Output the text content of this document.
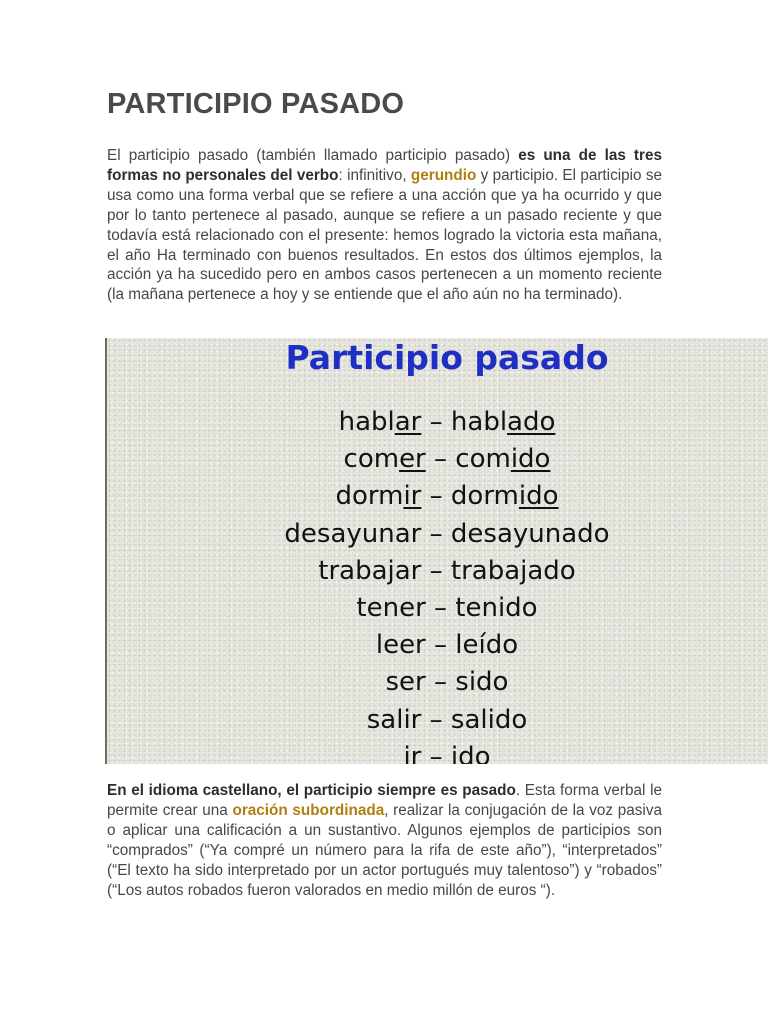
PARTICIPIO PASADO

El participio pasado (también llamado participio pasado) es una de las tres formas no personales del verbo: infinitivo, gerundio y participio. El participio se usa como una forma verbal que se refiere a una acción que ya ha ocurrido y que por lo tanto pertenece al pasado, aunque se refiere a un pasado reciente y que todavía está relacionado con el presente: hemos logrado la victoria esta mañana, el año Ha terminado con buenos resultados. En estos dos últimos ejemplos, la acción ya ha sucedido pero en ambos casos pertenecen a un momento reciente (la mañana pertenece a hoy y se entiende que el año aún no ha terminado).

Participio pasado
hablar – hablado
comer – comido
dormir – dormido
desayunar – desayunado
trabajar – trabajado
tener – tenido
leer – leído
ser – sido
salir – salido
ir – ido

En el idioma castellano, el participio siempre es pasado. Esta forma verbal le permite crear una oración subordinada, realizar la conjugación de la voz pasiva o aplicar una calificación a un sustantivo. Algunos ejemplos de participios son “comprados” (“Ya compré un número para la rifa de este año”), “interpretados” (“El texto ha sido interpretado por un actor portugués muy talentoso”) y “robados” (“Los autos robados fueron valorados en medio millón de euros “).
